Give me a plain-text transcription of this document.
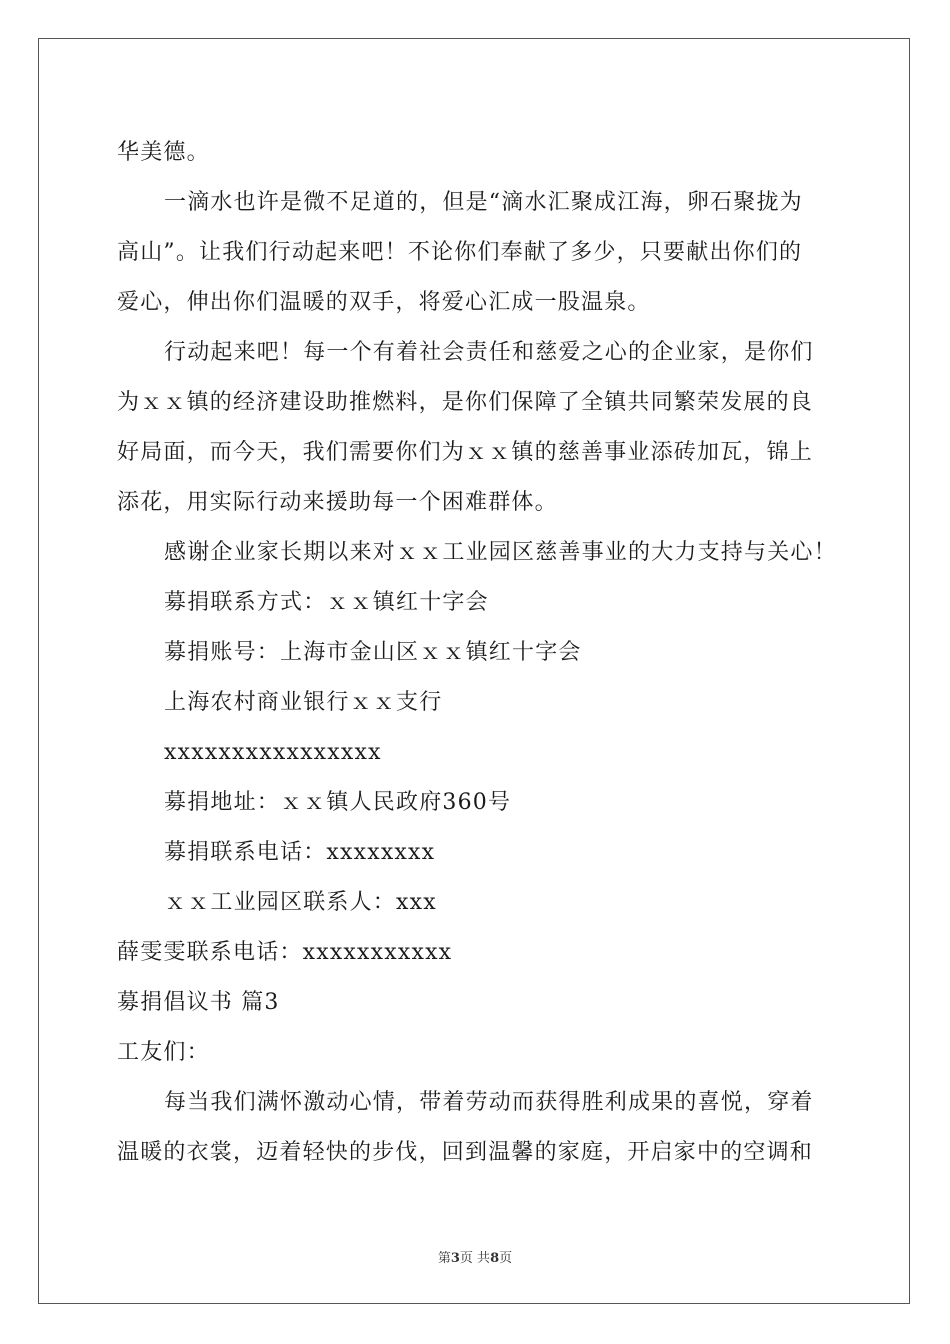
华美德。
一滴水也许是微不足道的，但是“滴水汇聚成江海，卵石聚拢为
高山”。让我们行动起来吧！不论你们奉献了多少，只要献出你们的
爱心，伸出你们温暖的双手，将爱心汇成一股温泉。
行动起来吧！每一个有着社会责任和慈爱之心的企业家，是你们
为ｘｘ镇的经济建设助推燃料，是你们保障了全镇共同繁荣发展的良
好局面，而今天，我们需要你们为ｘｘ镇的慈善事业添砖加瓦，锦上
添花，用实际行动来援助每一个困难群体。
感谢企业家长期以来对ｘｘ工业园区慈善事业的大力支持与关心！
募捐联系方式：ｘｘ镇红十字会
募捐账号：上海市金山区ｘｘ镇红十字会
上海农村商业银行ｘｘ支行
xxxxxxxxxxxxxxxx
募捐地址：ｘｘ镇人民政府360号
募捐联系电话：xxxxxxxx
ｘｘ工业园区联系人：xxx
薛雯雯联系电话：xxxxxxxxxxx
募捐倡议书 篇3
工友们：
每当我们满怀激动心情，带着劳动而获得胜利成果的喜悦，穿着
温暖的衣裳，迈着轻快的步伐，回到温馨的家庭，开启家中的空调和
第3页 共8页
